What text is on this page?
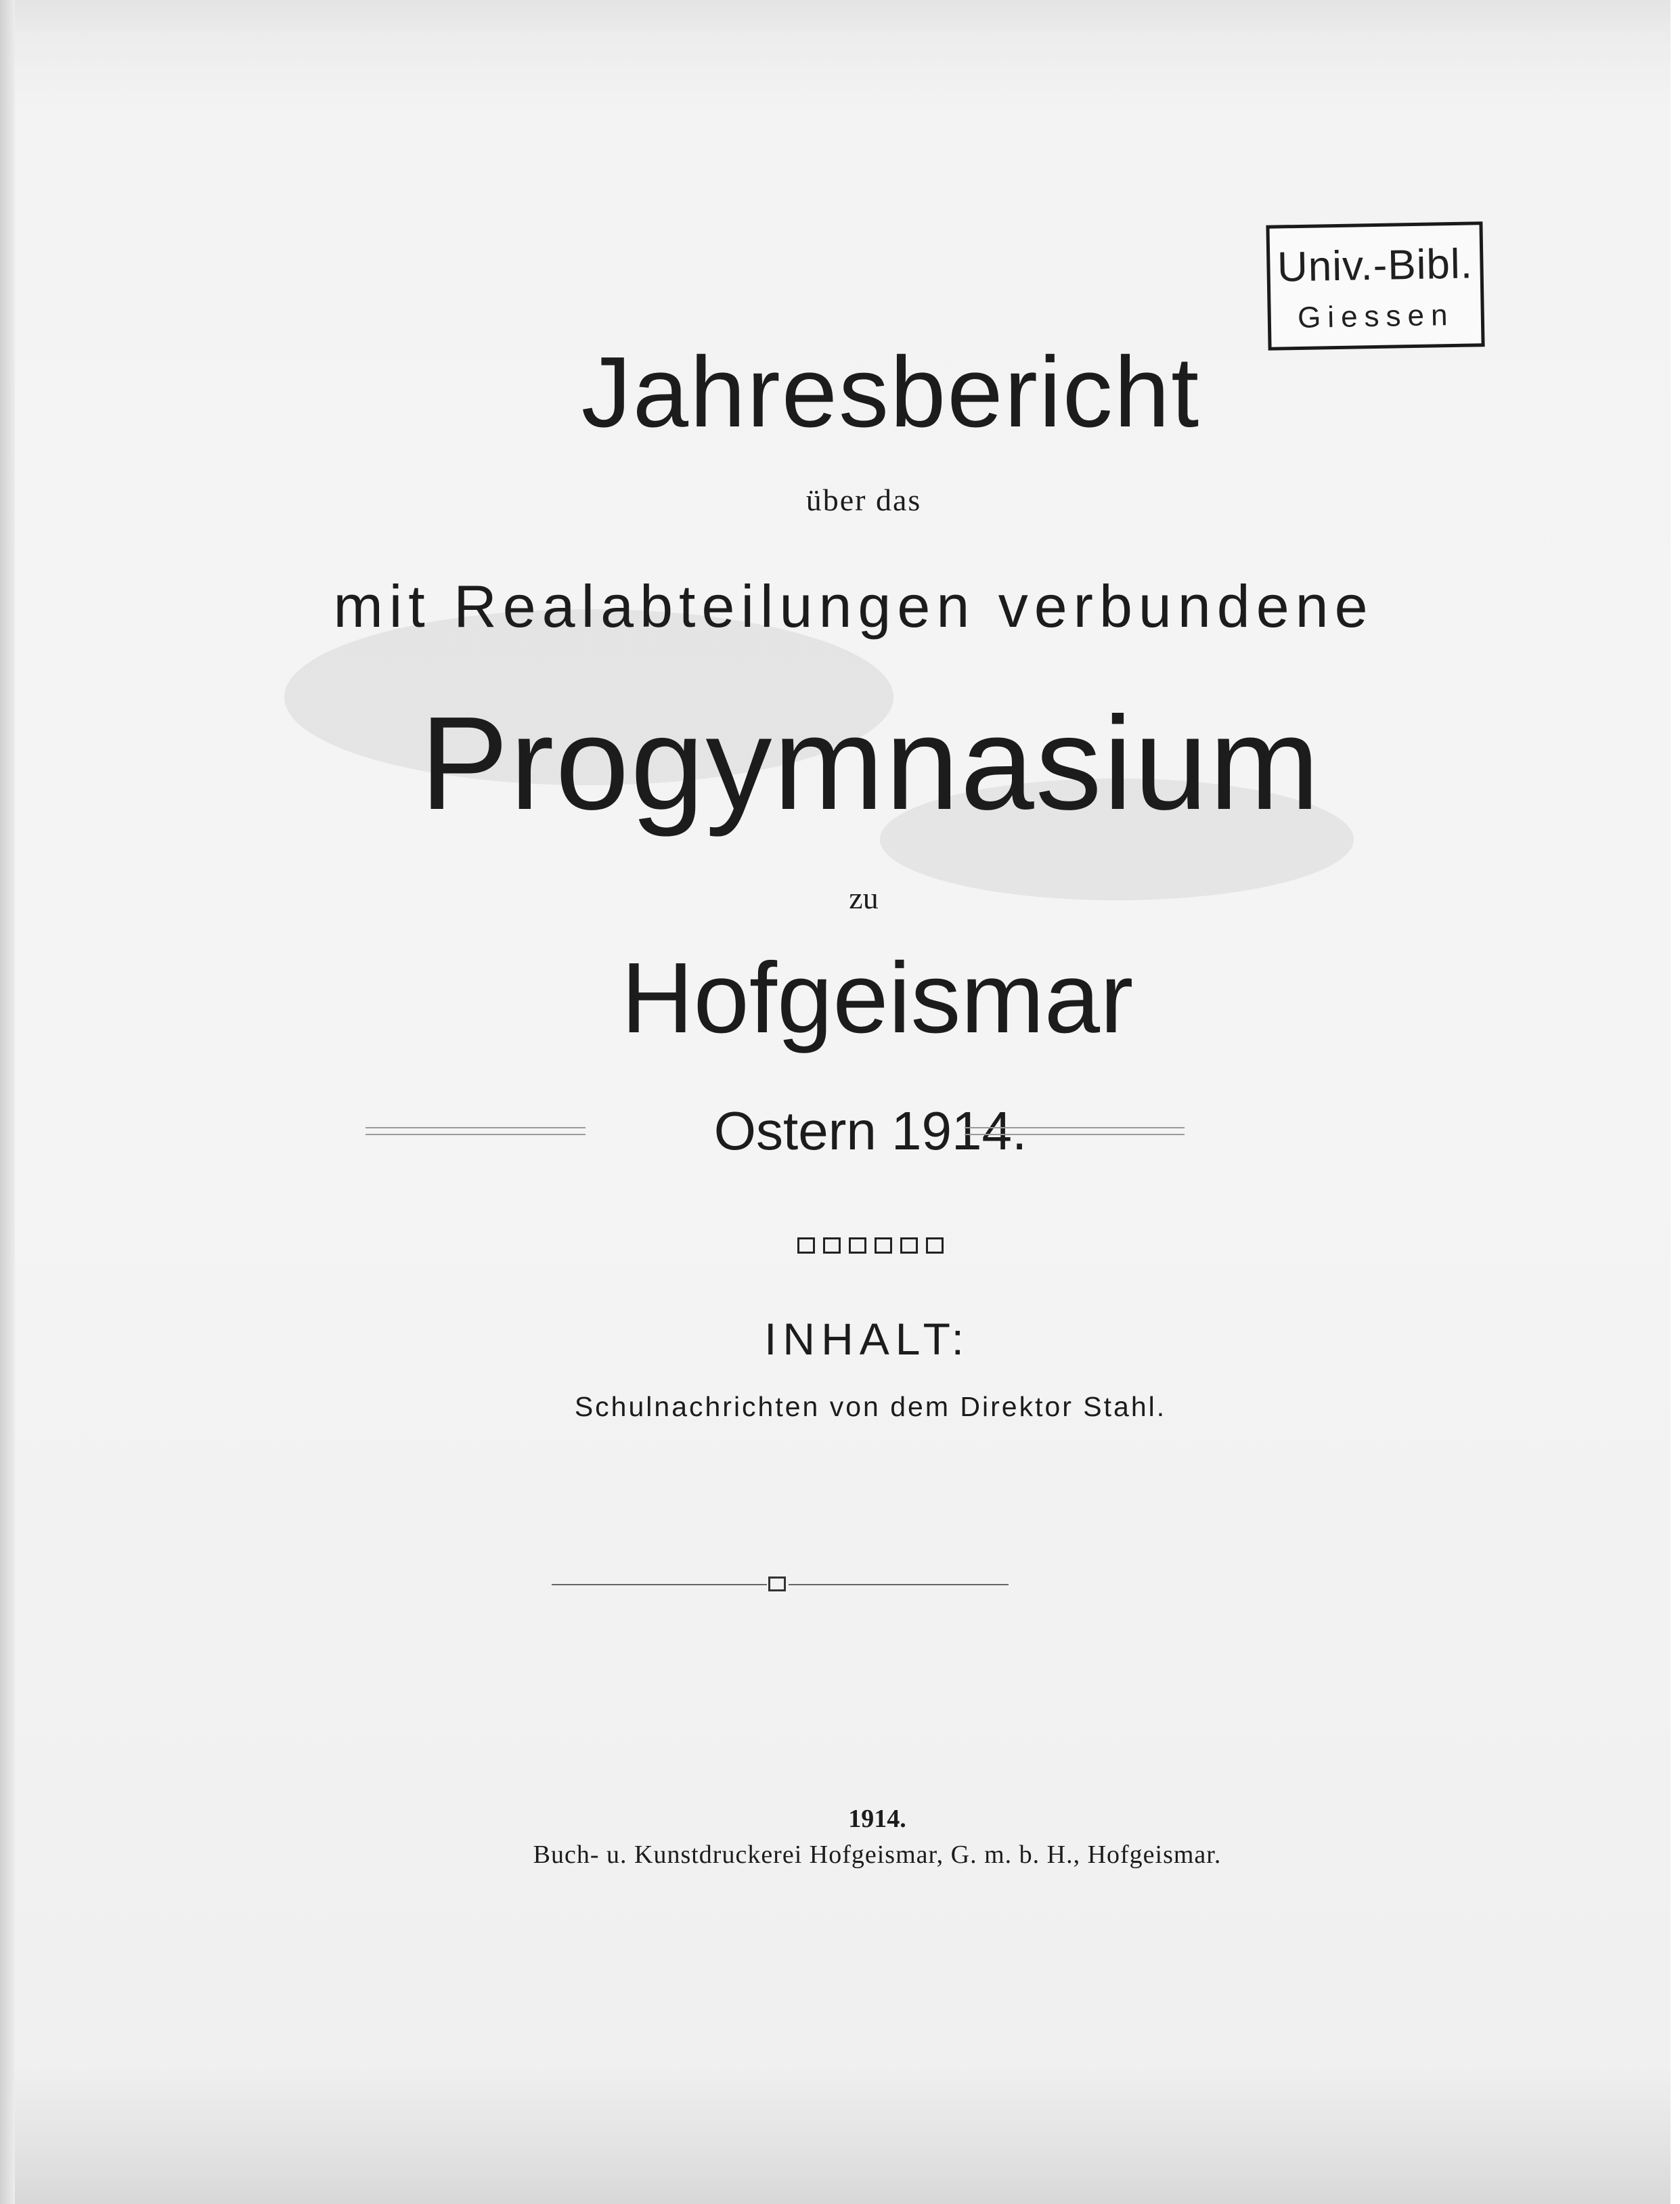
Univ.-Bibl.
Giessen
Jahresbericht
über das
mit Realabteilungen verbundene
Progymnasium
zu
Hofgeismar
Ostern 1914.
INHALT:
Schulnachrichten von dem Direktor Stahl.
1914.
Buch- u. Kunstdruckerei Hofgeismar, G. m. b. H., Hofgeismar.
